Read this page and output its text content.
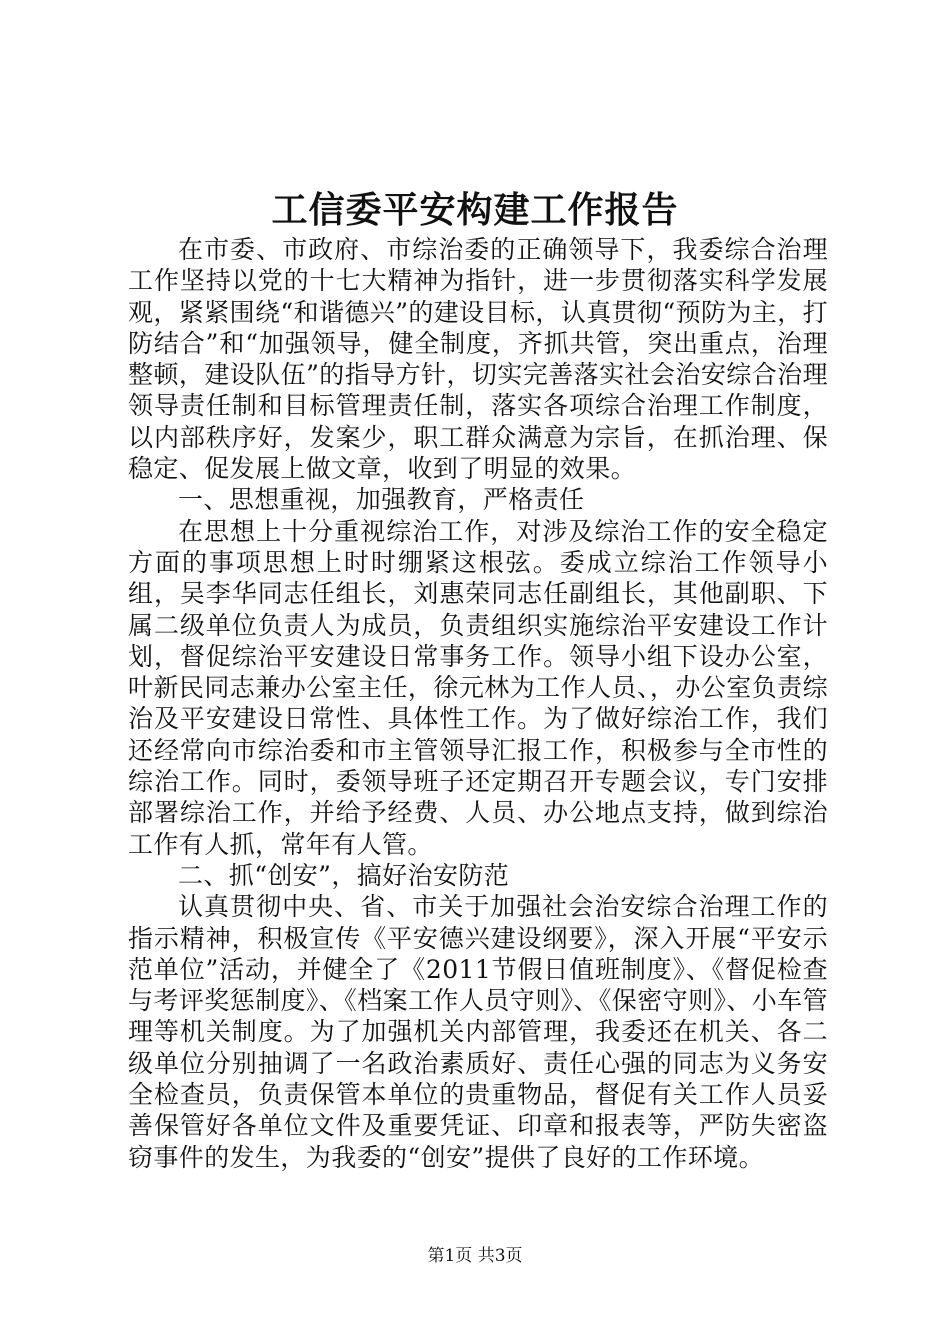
工信委平安构建工作报告

在市委、市政府、市综治委的正确领导下，我委综合治理工作坚持以党的十七大精神为指针，进一步贯彻落实科学发展观，紧紧围绕“和谐德兴”的建设目标，认真贯彻“预防为主，打防结合”和“加强领导，健全制度，齐抓共管，突出重点，治理整顿，建设队伍”的指导方针，切实完善落实社会治安综合治理领导责任制和目标管理责任制，落实各项综合治理工作制度，以内部秩序好，发案少，职工群众满意为宗旨，在抓治理、保稳定、促发展上做文章，收到了明显的效果。

一、思想重视，加强教育，严格责任

在思想上十分重视综治工作，对涉及综治工作的安全稳定方面的事项思想上时时绷紧这根弦。委成立综治工作领导小组，吴李华同志任组长，刘惠荣同志任副组长，其他副职、下属二级单位负责人为成员，负责组织实施综治平安建设工作计划，督促综治平安建设日常事务工作。领导小组下设办公室，叶新民同志兼办公室主任，徐元林为工作人员、，办公室负责综治及平安建设日常性、具体性工作。为了做好综治工作，我们还经常向市综治委和市主管领导汇报工作，积极参与全市性的综治工作。同时，委领导班子还定期召开专题会议，专门安排部署综治工作，并给予经费、人员、办公地点支持，做到综治工作有人抓，常年有人管。

二、抓“创安”，搞好治安防范

认真贯彻中央、省、市关于加强社会治安综合治理工作的指示精神，积极宣传《平安德兴建设纲要》，深入开展“平安示范单位”活动，并健全了《2011节假日值班制度》、《督促检查与考评奖惩制度》、《档案工作人员守则》、《保密守则》、小车管理等机关制度。为了加强机关内部管理，我委还在机关、各二级单位分别抽调了一名政治素质好、责任心强的同志为义务安全检查员，负责保管本单位的贵重物品，督促有关工作人员妥善保管好各单位文件及重要凭证、印章和报表等，严防失密盗窃事件的发生，为我委的“创安”提供了良好的工作环境。

第1页 共3页
